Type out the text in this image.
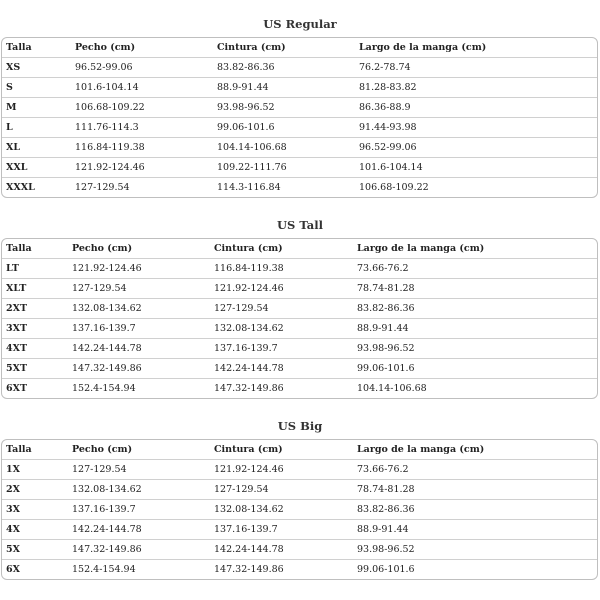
US Regular
Talla	Pecho (cm)	Cintura (cm)	Largo de la manga (cm)
XS	96.52-99.06	83.82-86.36	76.2-78.74
S	101.6-104.14	88.9-91.44	81.28-83.82
M	106.68-109.22	93.98-96.52	86.36-88.9
L	111.76-114.3	99.06-101.6	91.44-93.98
XL	116.84-119.38	104.14-106.68	96.52-99.06
XXL	121.92-124.46	109.22-111.76	101.6-104.14
XXXL	127-129.54	114.3-116.84	106.68-109.22
US Tall
Talla	Pecho (cm)	Cintura (cm)	Largo de la manga (cm)
LT	121.92-124.46	116.84-119.38	73.66-76.2
XLT	127-129.54	121.92-124.46	78.74-81.28
2XT	132.08-134.62	127-129.54	83.82-86.36
3XT	137.16-139.7	132.08-134.62	88.9-91.44
4XT	142.24-144.78	137.16-139.7	93.98-96.52
5XT	147.32-149.86	142.24-144.78	99.06-101.6
6XT	152.4-154.94	147.32-149.86	104.14-106.68
US Big
Talla	Pecho (cm)	Cintura (cm)	Largo de la manga (cm)
1X	127-129.54	121.92-124.46	73.66-76.2
2X	132.08-134.62	127-129.54	78.74-81.28
3X	137.16-139.7	132.08-134.62	83.82-86.36
4X	142.24-144.78	137.16-139.7	88.9-91.44
5X	147.32-149.86	142.24-144.78	93.98-96.52
6X	152.4-154.94	147.32-149.86	99.06-101.6
